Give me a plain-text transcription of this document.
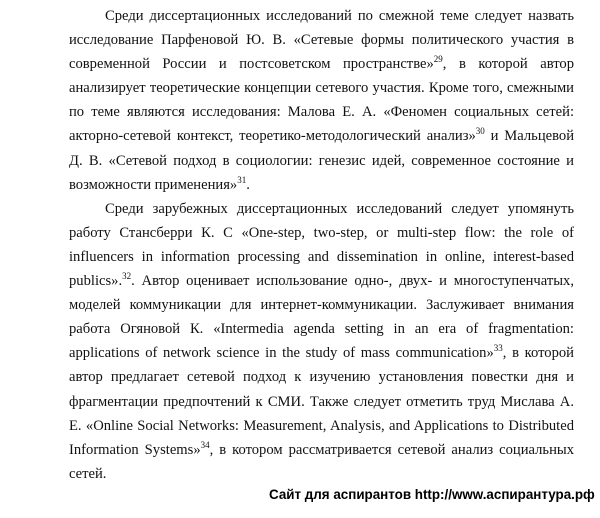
Среди диссертационных исследований по смежной теме следует назвать исследование Парфеновой Ю. В. «Сетевые формы политического участия в современной России и постсоветском пространстве»$^{29}$, в которой автор анализирует теоретические концепции сетевого участия. Кроме того, смежными по теме являются исследования: Малова Е. А. «Феномен социальных сетей: акторно-сетевой контекст, теоретико-методологический анализ»$^{30}$ и Мальцевой Д. В. «Сетевой подход в социологии: генезис идей, современное состояние и возможности применения»$^{31}$.

Среди зарубежных диссертационных исследований следует упомянуть работу Стансберри К. С «One-step, two-step, or multi-step flow: the role of influencers in information processing and dissemination in online, interest-based publics».$^{32}$. Автор оценивает использование одно-, двух- и многоступенчатых, моделей коммуникации для интернет-коммуникации. Заслуживает внимания работа Огяновой К. «Intermedia agenda setting in an era of fragmentation: applications of network science in the study of mass communication»$^{33}$, в которой автор предлагает сетевой подход к изучению установления повестки дня и фрагментации предпочтений к СМИ. Также следует отметить труд Мислава А. Е. «Online Social Networks: Measurement, Analysis, and Applications to Distributed Information Systems»$^{34}$, в котором рассматривается сетевой анализ социальных сетей.

Сайт для аспирантов http://www.аспирантура.рф
